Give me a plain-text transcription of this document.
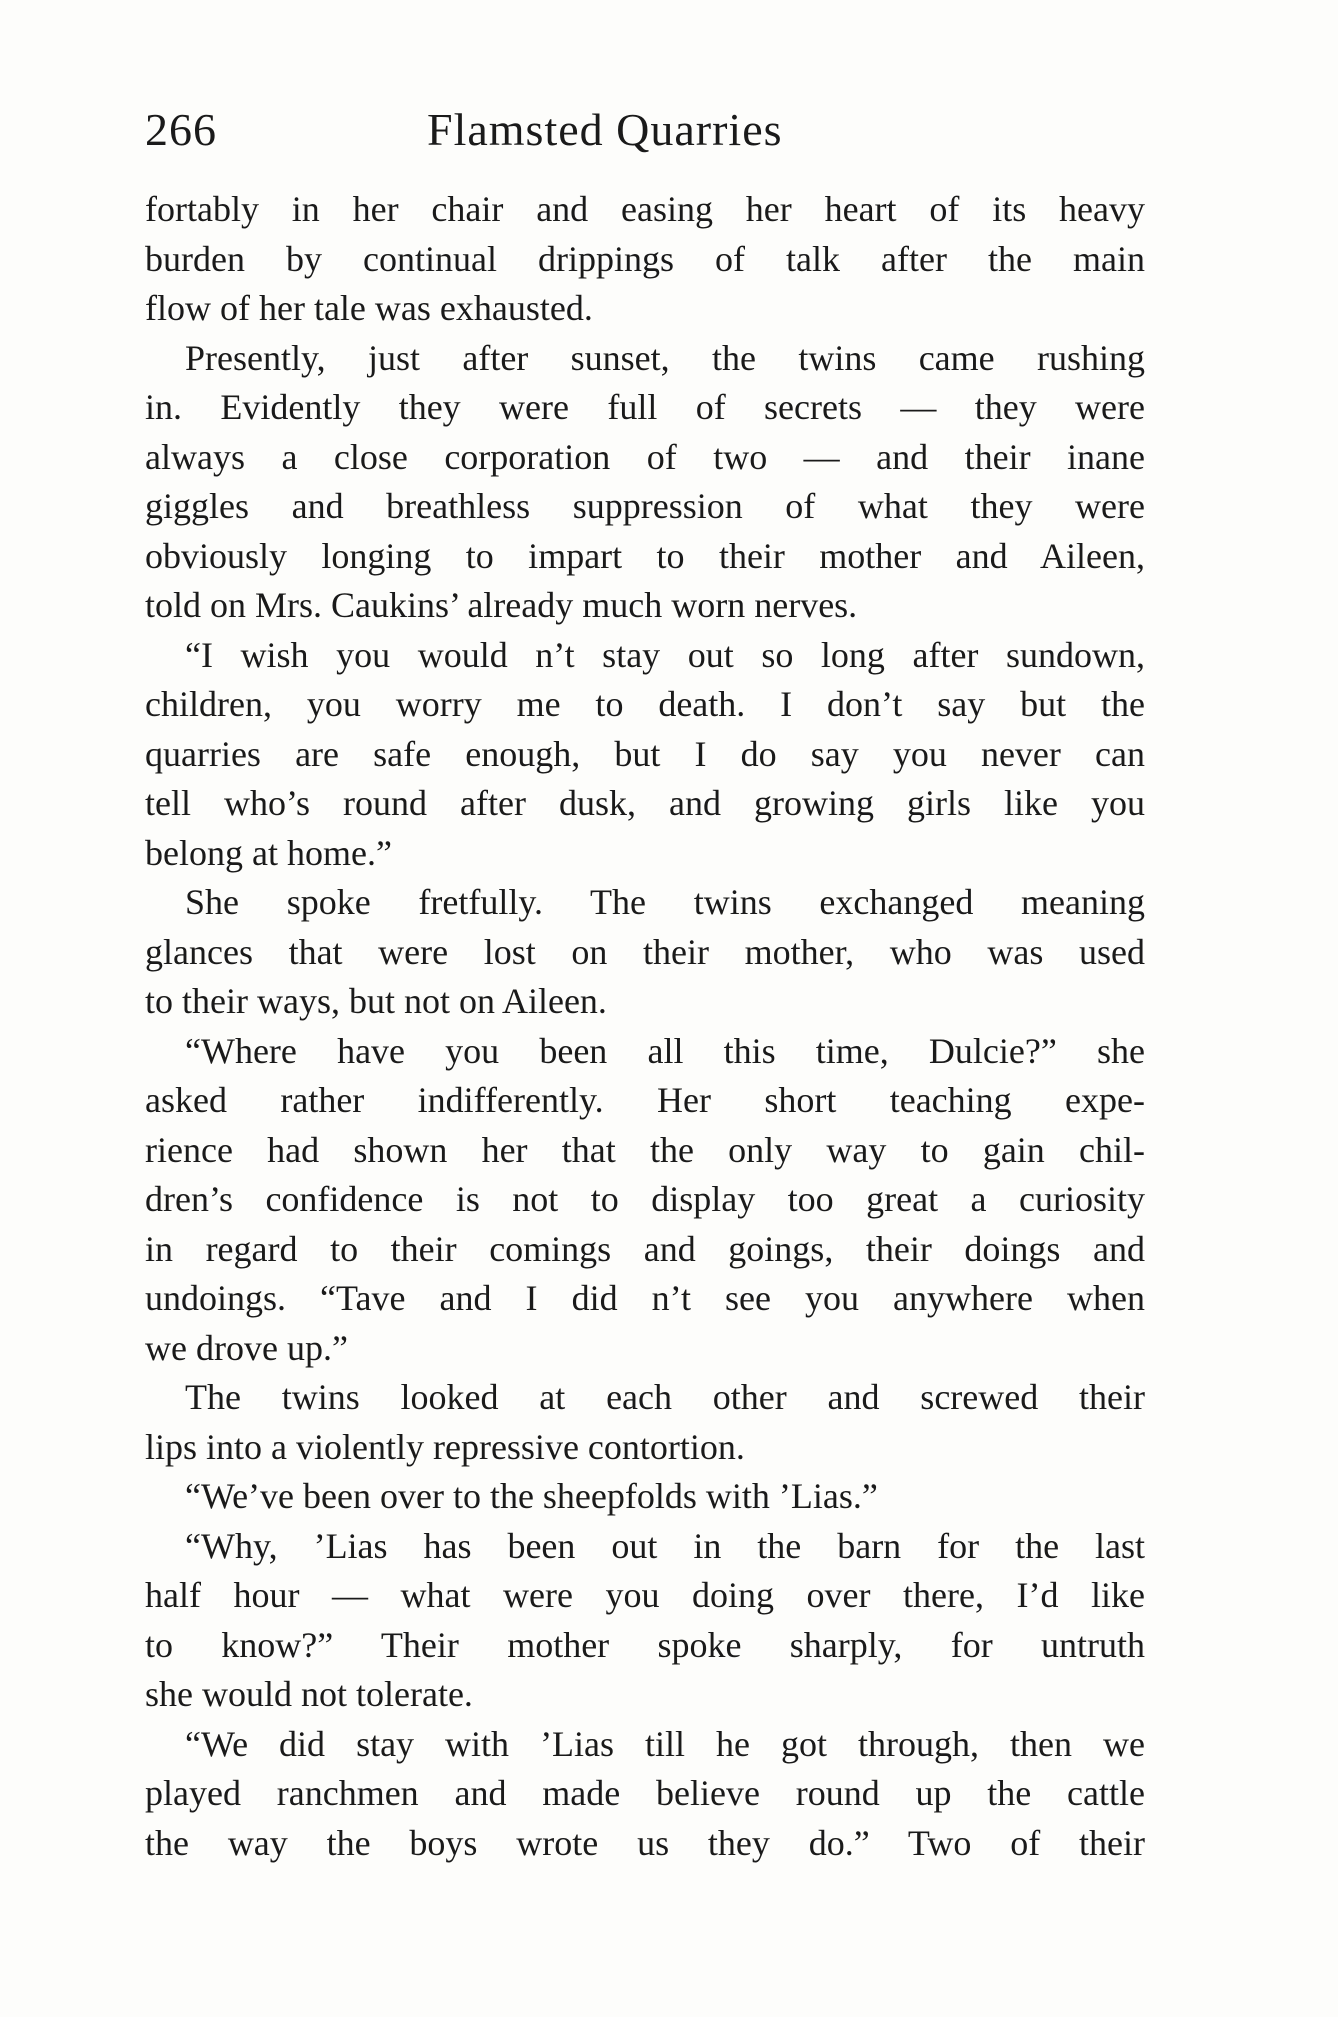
266	Flamsted Quarries
fortably in her chair and easing her heart of its heavy
burden by continual drippings of talk after the main
flow of her tale was exhausted.
Presently, just after sunset, the twins came rushing
in. Evidently they were full of secrets — they were
always a close corporation of two — and their inane
giggles and breathless suppression of what they were
obviously longing to impart to their mother and Aileen,
told on Mrs. Caukins’ already much worn nerves.
“I wish you would n’t stay out so long after sundown,
children, you worry me to death. I don’t say but the
quarries are safe enough, but I do say you never can
tell who’s round after dusk, and growing girls like you
belong at home.”
She spoke fretfully. The twins exchanged meaning
glances that were lost on their mother, who was used
to their ways, but not on Aileen.
“Where have you been all this time, Dulcie?” she
asked rather indifferently. Her short teaching expe-
rience had shown her that the only way to gain chil-
dren’s confidence is not to display too great a curiosity
in regard to their comings and goings, their doings and
undoings. “Tave and I did n’t see you anywhere when
we drove up.”
The twins looked at each other and screwed their
lips into a violently repressive contortion.
“We’ve been over to the sheepfolds with ’Lias.”
“Why, ’Lias has been out in the barn for the last
half hour — what were you doing over there, I’d like
to know?” Their mother spoke sharply, for untruth
she would not tolerate.
“We did stay with ’Lias till he got through, then we
played ranchmen and made believe round up the cattle
the way the boys wrote us they do.” Two of their
